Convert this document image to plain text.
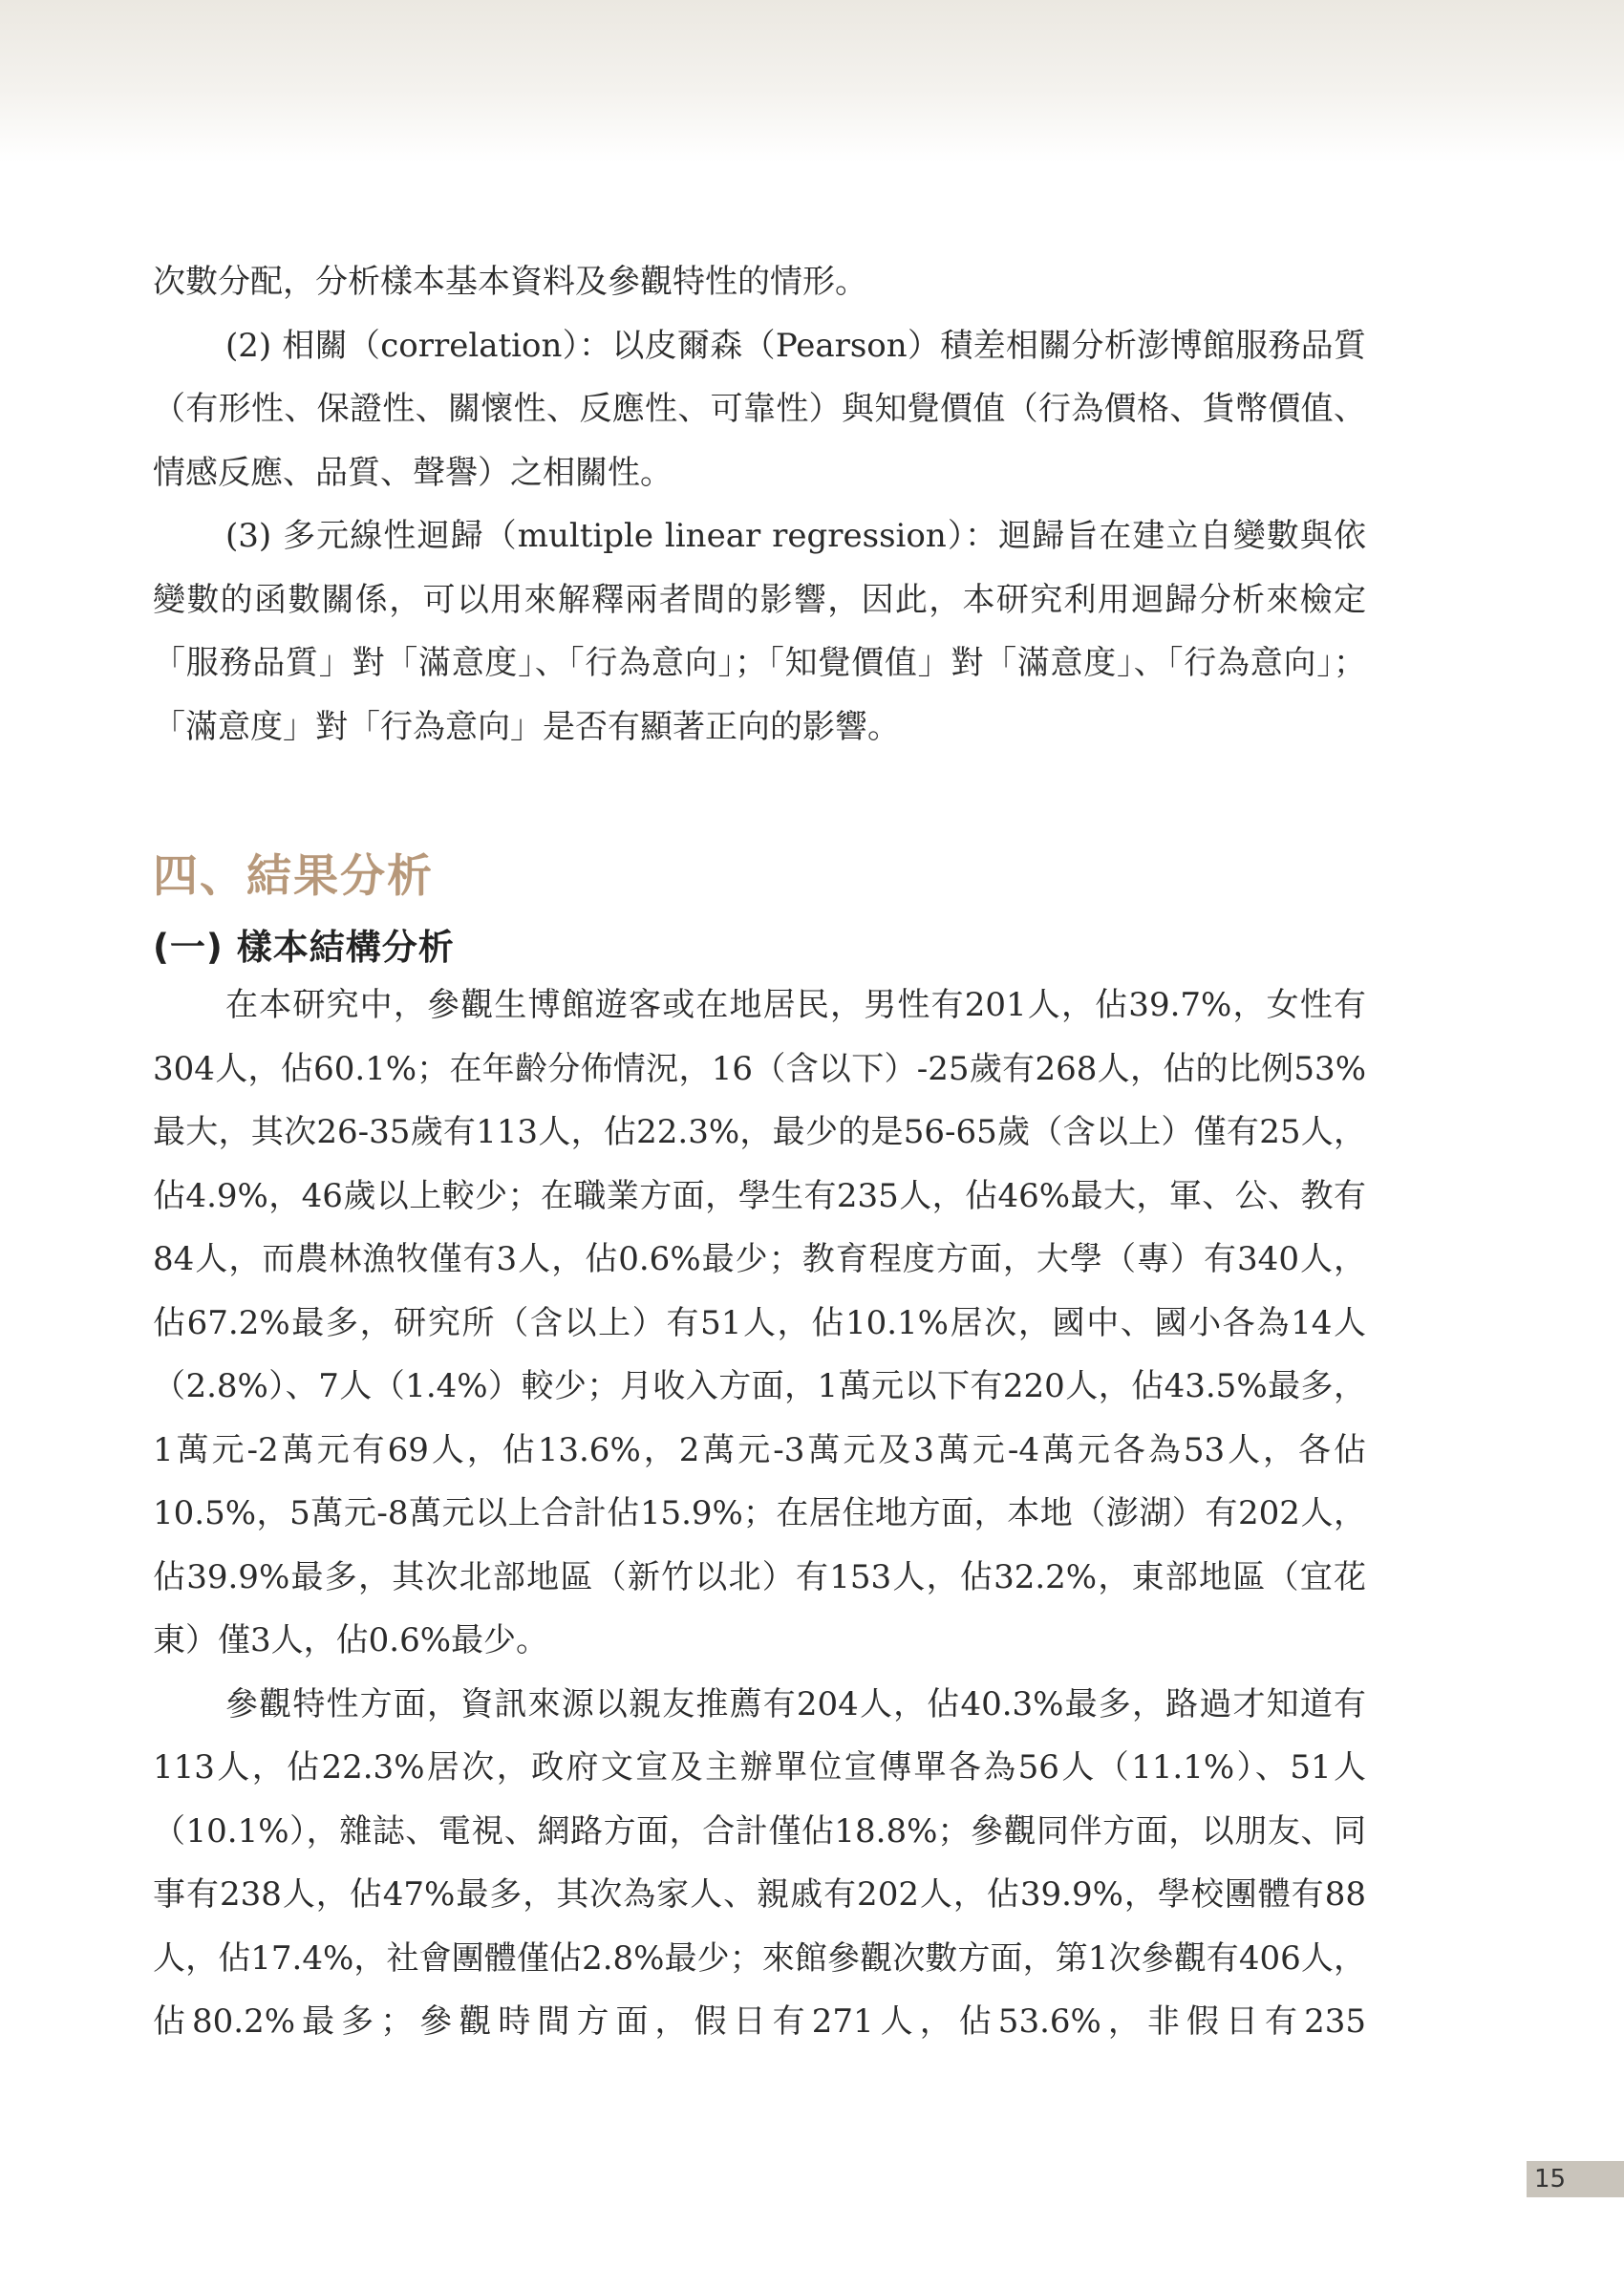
次數分配，分析樣本基本資料及參觀特性的情形。

(2) 相關（correlation）：以皮爾森（Pearson）積差相關分析澎博館服務品質（有形性、保證性、關懷性、反應性、可靠性）與知覺價值（行為價格、貨幣價值、情感反應、品質、聲譽）之相關性。

(3) 多元線性迴歸（multiple linear regression）：迴歸旨在建立自變數與依變數的函數關係，可以用來解釋兩者間的影響，因此，本研究利用迴歸分析來檢定「服務品質」對「滿意度」、「行為意向」；「知覺價值」對「滿意度」、「行為意向」；「滿意度」對「行為意向」是否有顯著正向的影響。

四、結果分析
(一) 樣本結構分析

在本研究中，參觀生博館遊客或在地居民，男性有201人，佔39.7%，女性有304人，佔60.1%；在年齡分佈情況，16（含以下）-25歲有268人，佔的比例53%最大，其次26-35歲有113人，佔22.3%，最少的是56-65歲（含以上）僅有25人，佔4.9%，46歲以上較少；在職業方面，學生有235人，佔46%最大，軍、公、教有84人，而農林漁牧僅有3人，佔0.6%最少；教育程度方面，大學（專）有340人，佔67.2%最多，研究所（含以上）有51人，佔10.1%居次，國中、國小各為14人（2.8%）、7人（1.4%）較少；月收入方面，1萬元以下有220人，佔43.5%最多，1萬元-2萬元有69人，佔13.6%，2萬元-3萬元及3萬元-4萬元各為53人，各佔10.5%，5萬元-8萬元以上合計佔15.9%；在居住地方面，本地（澎湖）有202人，佔39.9%最多，其次北部地區（新竹以北）有153人，佔32.2%，東部地區（宜花東）僅3人，佔0.6%最少。

參觀特性方面，資訊來源以親友推薦有204人，佔40.3%最多，路過才知道有113人，佔22.3%居次，政府文宣及主辦單位宣傳單各為56人（11.1%）、51人（10.1%），雜誌、電視、網路方面，合計僅佔18.8%；參觀同伴方面，以朋友、同事有238人，佔47%最多，其次為家人、親戚有202人，佔39.9%，學校團體有88人，佔17.4%，社會團體僅佔2.8%最少；來館參觀次數方面，第1次參觀有406人，佔80.2%最多；參觀時間方面，假日有271人，佔53.6%，非假日有235

15
